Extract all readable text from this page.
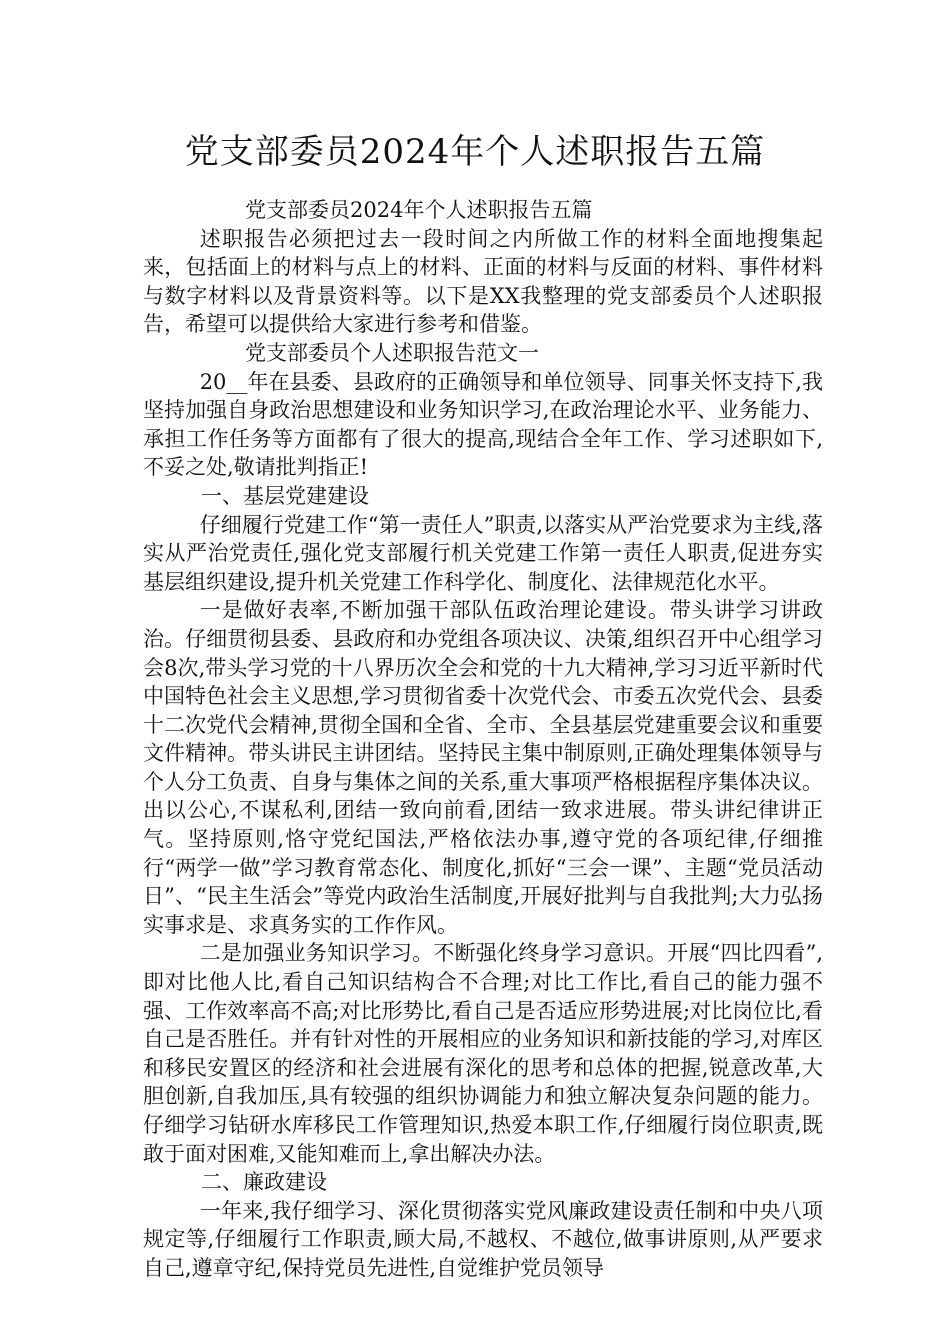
党支部委员2024年个人述职报告五篇

党支部委员2024年个人述职报告五篇

述职报告必须把过去一段时间之内所做工作的材料全面地搜集起来，包括面上的材料与点上的材料、正面的材料与反面的材料、事件材料与数字材料以及背景资料等。以下是XX我整理的党支部委员个人述职报告，希望可以提供给大家进行参考和借鉴。

党支部委员个人述职报告范文一

20__年在县委、县政府的正确领导和单位领导、同事关怀支持下,我坚持加强自身政治思想建设和业务知识学习,在政治理论水平、业务能力、承担工作任务等方面都有了很大的提高,现结合全年工作、学习述职如下,不妥之处,敬请批判指正!

一、基层党建建设

仔细履行党建工作“第一责任人”职责,以落实从严治党要求为主线,落实从严治党责任,强化党支部履行机关党建工作第一责任人职责,促进夯实基层组织建设,提升机关党建工作科学化、制度化、法律规范化水平。

一是做好表率,不断加强干部队伍政治理论建设。带头讲学习讲政治。仔细贯彻县委、县政府和办党组各项决议、决策,组织召开中心组学习会8次,带头学习党的十八界历次全会和党的十九大精神,学习习近平新时代中国特色社会主义思想,学习贯彻省委十次党代会、市委五次党代会、县委十二次党代会精神,贯彻全国和全省、全市、全县基层党建重要会议和重要文件精神。带头讲民主讲团结。坚持民主集中制原则,正确处理集体领导与个人分工负责、自身与集体之间的关系,重大事项严格根据程序集体决议。出以公心,不谋私利,团结一致向前看,团结一致求进展。带头讲纪律讲正气。坚持原则,恪守党纪国法,严格依法办事,遵守党的各项纪律,仔细推行“两学一做”学习教育常态化、制度化,抓好“三会一课”、主题“党员活动日”、“民主生活会”等党内政治生活制度,开展好批判与自我批判;大力弘扬实事求是、求真务实的工作作风。

二是加强业务知识学习。不断强化终身学习意识。开展“四比四看”,即对比他人比,看自己知识结构合不合理;对比工作比,看自己的能力强不强、工作效率高不高;对比形势比,看自己是否适应形势进展;对比岗位比,看自己是否胜任。并有针对性的开展相应的业务知识和新技能的学习,对库区和移民安置区的经济和社会进展有深化的思考和总体的把握,锐意改革,大胆创新,自我加压,具有较强的组织协调能力和独立解决复杂问题的能力。仔细学习钻研水库移民工作管理知识,热爱本职工作,仔细履行岗位职责,既敢于面对困难,又能知难而上,拿出解决办法。

二、廉政建设

一年来,我仔细学习、深化贯彻落实党风廉政建设责任制和中央八项规定等,仔细履行工作职责,顾大局,不越权、不越位,做事讲原则,从严要求自己,遵章守纪,保持党员先进性,自觉维护党员领导
